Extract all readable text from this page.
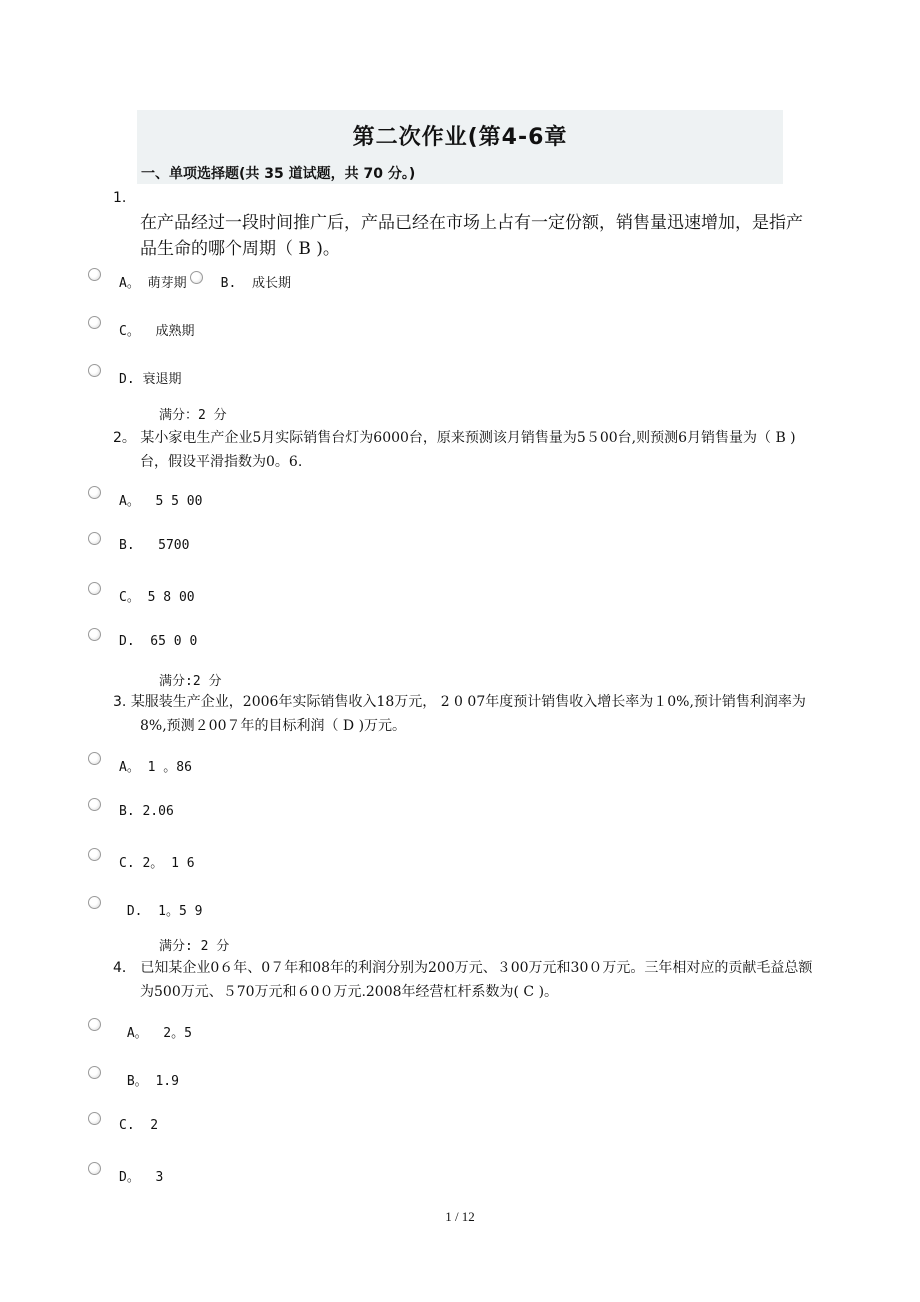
第二次作业(第4-6章
一、单项选择题(共 35 道试题，共 70 分。)
1.
在产品经过一段时间推广后，产品已经在市场上占有一定份额，销售量迅速增加，是指产品生命的哪个周期（ B )。
A。 萌芽期	B.  成长期
C。  成熟期
D. 衰退期
满分：2 分
2。 某小家电生产企业5月实际销售台灯为6000台，原来预测该月销售量为5５00台,则预测6月销售量为（ B )台，假设平滑指数为0。6.
A。  5 5 00
B.   5700
C。 5 8 00
D.  65 0 0
满分:2 分
3. 某服装生产企业，2006年实际销售收入18万元， 2 0 07年度预计销售收入增长率为１0%,预计销售利润率为8%,预测２00７年的目标利润（ D )万元。
A。 1 。86
B. 2.06
C. 2。 1 6
D.  1。5 9
满分: 2 分
4． 已知某企业0６年、0７年和08年的利润分别为200万元、３00万元和30０万元。三年相对应的贡献毛益总额为500万元、５70万元和６0０万元.2008年经营杠杆系数为( C )。
A。  2。5
B。 1.9
C.  2
D。  3
1 / 12
